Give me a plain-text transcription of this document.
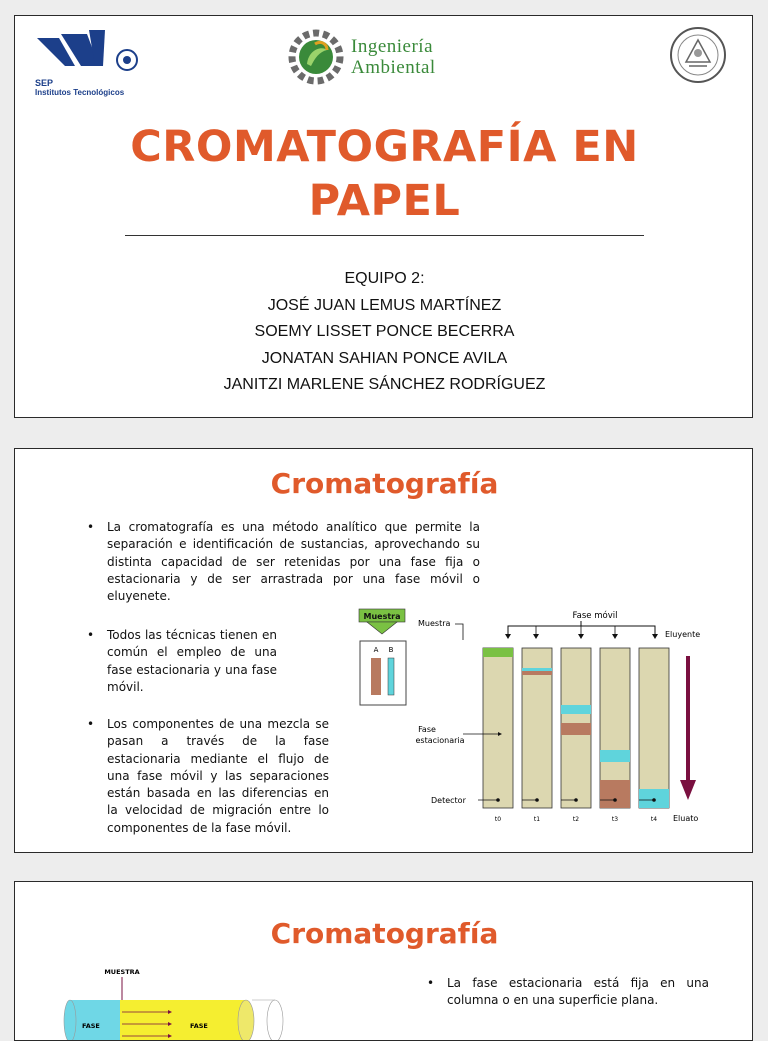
SEP
Institutos Tecnológicos
Ingeniería
Ambiental
CROMATOGRAFÍA EN
PAPEL
EQUIPO 2:
JOSÉ JUAN LEMUS MARTÍNEZ
SOEMY LISSET PONCE BECERRA
JONATAN SAHIAN PONCE AVILA
JANITZI MARLENE SÁNCHEZ RODRÍGUEZ
Cromatografía
• La cromatografía es una método analítico que permite la separación e identificación de sustancias, aprovechando su distinta capacidad de ser retenidas por una fase fija o estacionaria y de ser arrastrada por una fase móvil o eluyenete.
• Todos las técnicas tienen en común el empleo de una fase estacionaria y una fase móvil.
• Los componentes de una mezcla se pasan a través de la fase estacionaria mediante el flujo de una fase móvil y las separaciones están basada en las diferencias en la velocidad de migración entre lo componentes de la fase móvil.
Muestra
A B
Muestra
Fase móvil
Eluyente
Fase
estacionaria
Detector
Eluato
t0	t1	t2	t3	t4
Cromatografía
MUESTRA
FASE	FASE
• La fase estacionaria está fija en una columna o en una superficie plana.
